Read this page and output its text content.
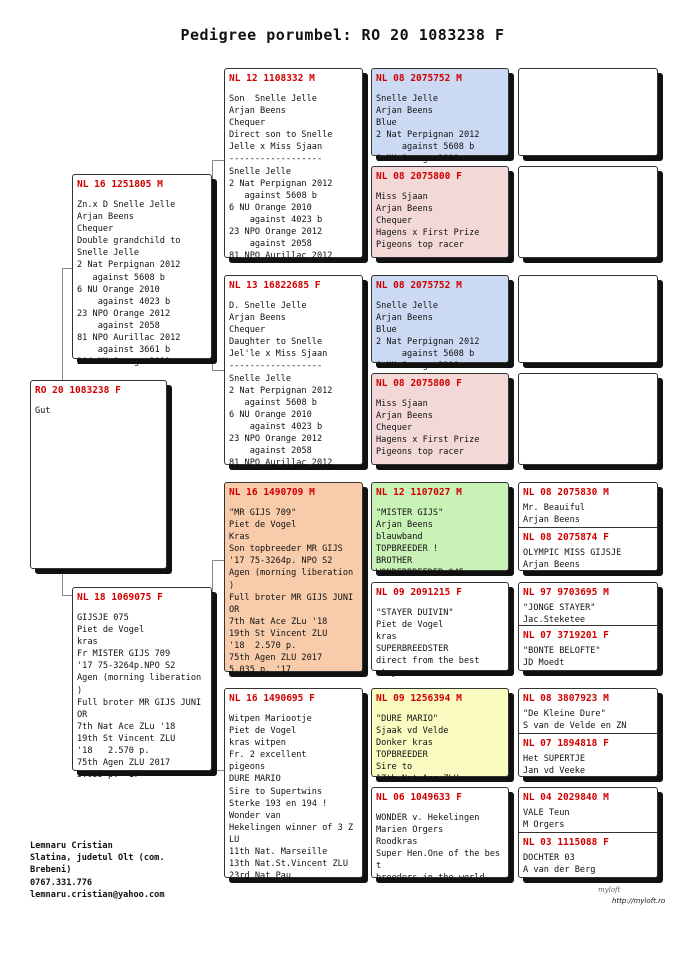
Pedigree porumbel: RO 20 1083238 F
RO 20 1083238 F
Gut
NL 16 1251805 M
Zn.x D Snelle Jelle
Arjan Beens
Chequer
Double grandchild to
Snelle Jelle
2 Nat Perpignan 2012
against 5608 b
6 NU Orange 2010
against 4023 b
23 NPO Orange 2012
against 2058
81 NPO Aurillac 2012
against 3661 b
204 NU Orange 2011
NL 18 1069075 F
GIJSJE 075
Piet de Vogel
kras
Fr MISTER GIJS 709
'17 75-3264p.NPO S2
Agen (morning liberation
)
Full broter MR GIJS JUNI
OR
7th Nat Ace ZLu '18
19th St Vincent ZLU
'18   2.570 p.
75th Agen ZLU 2017
5.035 p. '17
NL 12 1108332 M
Son  Snelle Jelle
Arjan Beens
Chequer
Direct son to Snelle
Jelle x Miss Sjaan
------------------
Snelle Jelle
2 Nat Perpignan 2012
against 5608 b
6 NU Orange 2010
against 4023 b
23 NPO Orange 2012
against 2058
81 NPO Aurillac 2012
NL 13 16822685 F
D. Snelle Jelle
Arjan Beens
Chequer
Daughter to Snelle
Jel'le x Miss Sjaan
------------------
Snelle Jelle
2 Nat Perpignan 2012
against 5608 b
6 NU Orange 2010
against 4023 b
23 NPO Orange 2012
against 2058
81 NPO Aurillac 2012
NL 16 1490709 M
"MR GIJS 709"
Piet de Vogel
Kras
Son topbreeder MR GIJS
'17 75-3264p. NPO S2
Agen (morning liberation
)
Full broter MR GIJS JUNI
OR
7th Nat Ace ZLu '18
19th St Vincent ZLU
'18  2.570 p.
75th Agen ZLU 2017
5.035 p. '17
NL 16 1490695 F
Witpen Mariootje
Piet de Vogel
kras witpen
Fr. 2 excellent
pigeons
DURE MARIO
Sire to Supertwins
Sterke 193 en 194 !
Wonder van
Hekelingen winner of 3 Z
LU
11th Nat. Marseille
13th Nat.St.Vincent ZLU
23rd Nat Pau
NL 08 2075752 M
Snelle Jelle
Arjan Beens
Blue
2 Nat Perpignan 2012
against 5608 b
6 NU Orange 2010
NL 08 2075800 F
Miss Sjaan
Arjan Beens
Chequer
Hagens x First Prize
Pigeons top racer
NL 08 2075752 M
Snelle Jelle
Arjan Beens
Blue
2 Nat Perpignan 2012
against 5608 b
6 NU Orange 2010
NL 08 2075800 F
Miss Sjaan
Arjan Beens
Chequer
Hagens x First Prize
Pigeons top racer
NL 12 1107027 M
"MISTER GIJS"
Arjan Beens
blauwband
TOPBREEDER !
BROTHER
WONDERBREEDER 045
NL 09 2091215 F
"STAYER DUIVIN"
Piet de Vogel
kras
SUPERBREEDSTER
direct from the best
stayer
NL 09 1256394 M
"DURE MARIO"
Sjaak vd Velde
Donker kras
TOPBREEDER
Sire to
17th Nat Ace ZLU
NL 06 1049633 F
WONDER v. Hekelingen
Marien Orgers
Roodkras
Super Hen.One of the bes
t
breeders in the world
NL 08 2075830 M
Mr. Beauiful
Arjan Beens
NL 08 2075874 F
OLYMPIC MISS GIJSJE
Arjan Beens
NL 97 9703695 M
"JONGE STAYER"
Jac.Steketee
NL 07 3719201 F
"BONTE BELOFTE"
JD Moedt
NL 08 3807923 M
"De Kleine Dure"
S van de Velde en ZN
NL 07 1894818 F
Het SUPERTJE
Jan vd Veeke
NL 04 2029840 M
VALE Teun
M Orgers
NL 03 1115088 F
DOCHTER 03
A van der Berg
Lemnaru Cristian
Slatina, judetul Olt (com.
Brebeni)
0767.331.776
lemnaru.cristian@yahoo.com	myloft
http://myloft.ro
